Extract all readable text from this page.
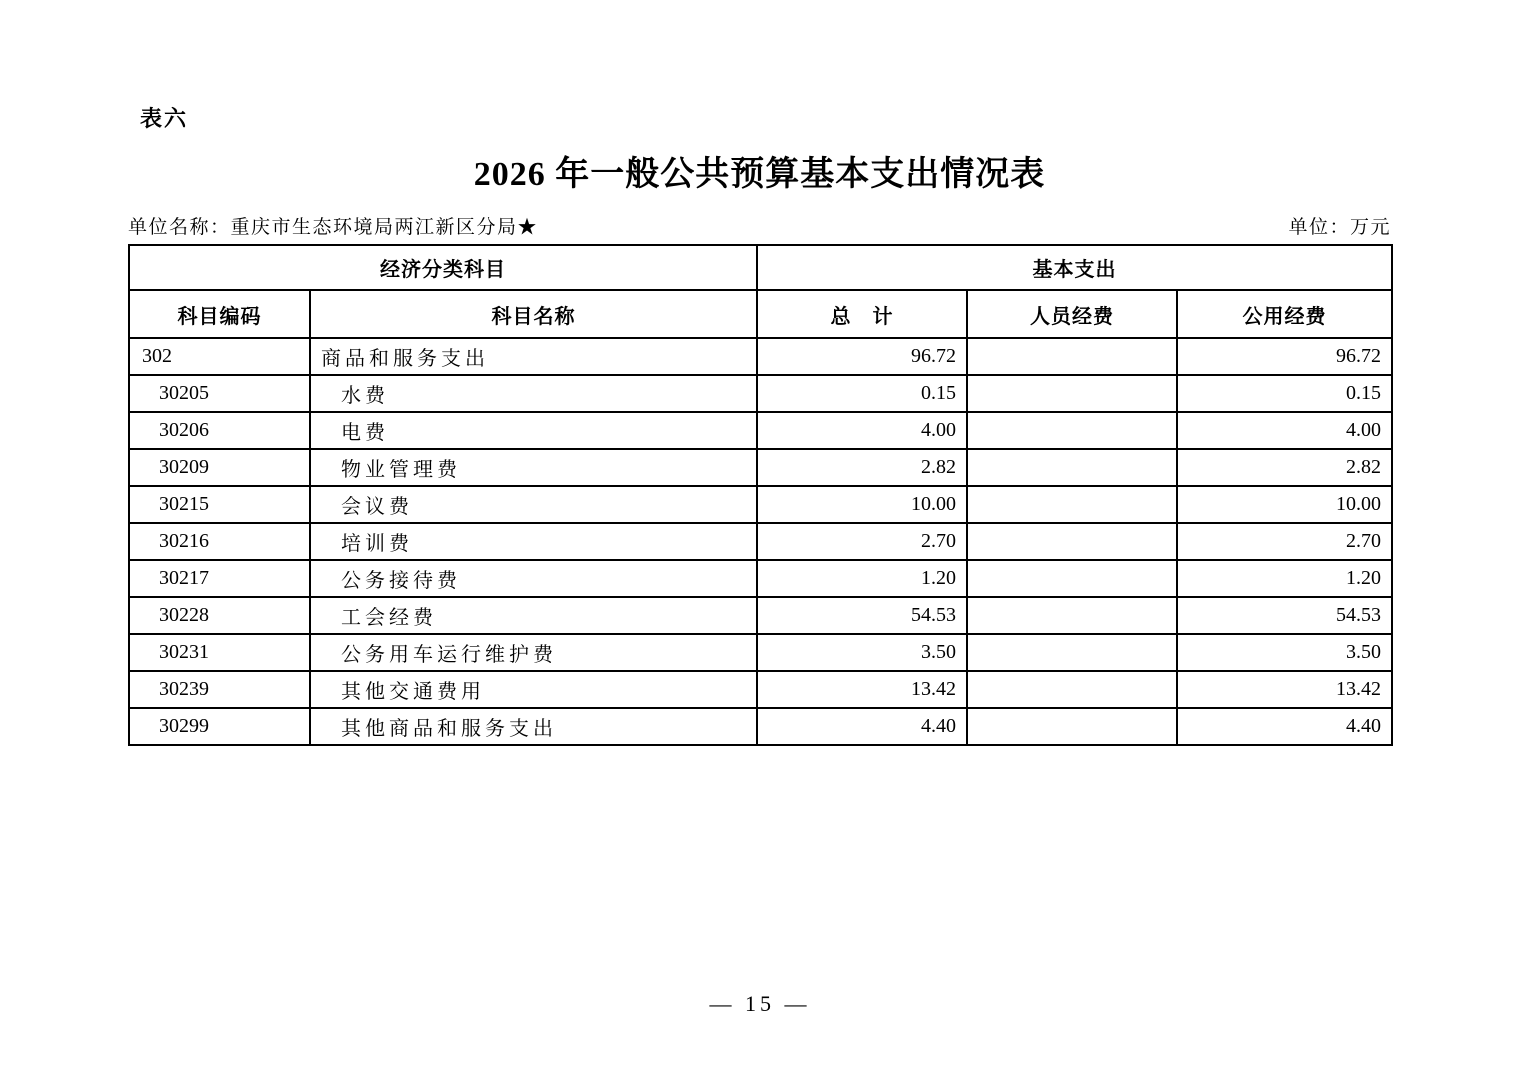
表六
2026 年一般公共预算基本支出情况表
单位名称：重庆市生态环境局两江新区分局★	单位：万元
经济分类科目		基本支出		
科目编码	科目名称	总　计	人员经费	公用经费
302	商品和服务支出	96.72		96.72
30205	水费	0.15		0.15
30206	电费	4.00		4.00
30209	物业管理费	2.82		2.82
30215	会议费	10.00		10.00
30216	培训费	2.70		2.70
30217	公务接待费	1.20		1.20
30228	工会经费	54.53		54.53
30231	公务用车运行维护费	3.50		3.50
30239	其他交通费用	13.42		13.42
30299	其他商品和服务支出	4.40		4.40
— 15 —
